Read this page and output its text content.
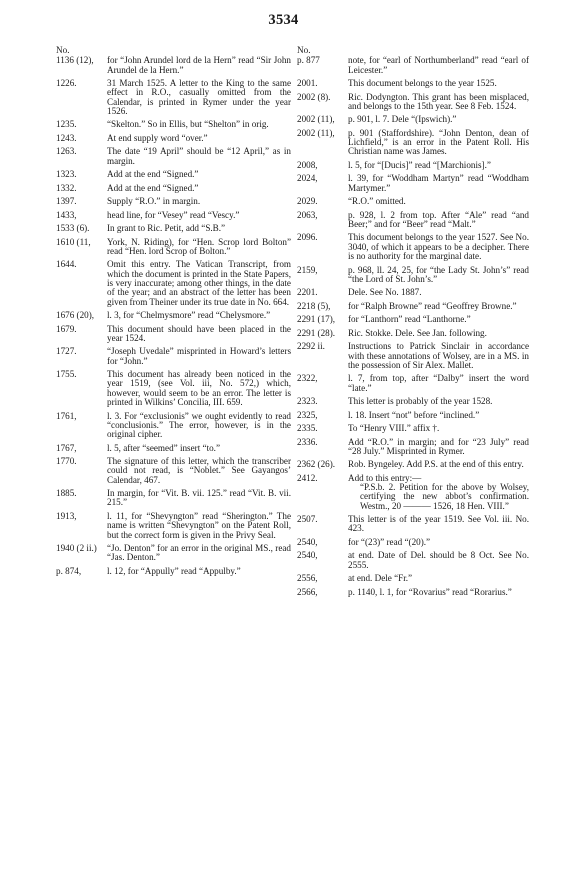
3534
No.
1136 (12), for “John Arundel lord de la Hern” read “Sir John Arundel de la Hern.”
1226.	31 March 1525. A letter to the King to the same effect in R.O., casually omitted from the Calendar, is printed in Rymer under the year 1526.
1235.	“Skelton.” So in Ellis, but “Shelton” in orig.
1243.	At end supply word “over.”
1263.	The date “19 April” should be “12 April,” as in margin.
1323.	Add at the end “Signed.”
1332.	Add at the end “Signed.”
1397.	Supply “R.O.” in margin.
1433,	head line, for “Vesey” read “Vescy.”
1533 (6). In grant to Ric. Petit, add “S.B.”
1610 (11, York, N. Riding), for “Hen. Scrop lord Bolton” read “Hen. lord Scrop of Bolton.”
1644.	Omit this entry. The Vatican Transcript, from which the document is printed in the State Papers, is very inaccurate; among other things, in the date of the year; and an abstract of the letter has been given from Theiner under its true date in No. 664.
1676 (20), l. 3, for “Chelmysmore” read “Chelysmore.”
1679.	This document should have been placed in the year 1524.
1727.	“Joseph Uvedale” misprinted in Howard’s letters for “John.”
1755.	This document has already been noticed in the year 1519, (see Vol. iii, No. 572,) which, however, would seem to be an error. The letter is printed in Wilkins’ Concilia, III. 659.
1761,	l. 3. For “exclusionis” we ought evidently to read “conclusionis.” The error, however, is in the original cipher.
1767,	l. 5, after “seemed” insert “to.”
1770.	The signature of this letter, which the transcriber could not read, is “Noblet.” See Gayangos’ Calendar, 467.
1885.	In margin, for “Vit. B. vii. 125.” read “Vit. B. vii. 215.”
1913,	l. 11, for “Shevyngton” read “Sherington.” The name is written “Shevyngton” on the Patent Roll, but the correct form is given in the Privy Seal.
1940 (2 ii.) “Jo. Denton” for an error in the original MS., read “Jas. Denton.”
p. 874,	l. 12, for “Appully” read “Appulby.”
No.
p. 877	note, for “earl of Northumberland” read “earl of Leicester.”
2001.	This document belongs to the year 1525.
2002 (8). Ric. Dodyngton. This grant has been misplaced, and belongs to the 15th year. See 8 Feb. 1524.
2002 (11), p. 901, l. 7. Dele “(Ipswich).”
2002 (11), p. 901 (Staffordshire). “John Denton, dean of Lichfield,” is an error in the Patent Roll. His Christian name was James.
2008,	l. 5, for “[Ducis]” read “[Marchionis].”
2024,	l. 39, for “Woddham Martyn” read “Woddham Martymer.”
2029.	“R.O.” omitted.
2063,	p. 928, l. 2 from top. After “Ale” read “and Beer;” and for “Beer” read “Malt.”
2096.	This document belongs to the year 1527. See No. 3040, of which it appears to be a decipher. There is no authority for the marginal date.
2159,	p. 968, ll. 24, 25, for “the Lady St. John’s” read “the Lord of St. John’s.”
2201.	Dele. See No. 1887.
2218 (5), for “Ralph Browne” read “Geoffrey Browne.”
2291 (17), for “Lanthorn” read “Lanthorne.”
2291 (28). Ric. Stokke. Dele. See Jan. following.
2292 ii.	Instructions to Patrick Sinclair in accordance with these annotations of Wolsey, are in a MS. in the possession of Sir Alex. Mallet.
2322,	l. 7, from top, after “Dalby” insert the word “late.”
2323.	This letter is probably of the year 1528.
2325,	l. 18. Insert “not” before “inclined.”
2335.	To “Henry VIII.” affix †.
2336.	Add “R.O.” in margin; and for “23 July” read “28 July.” Misprinted in Rymer.
2362 (26). Rob. Byngeley. Add P.S. at the end of this entry.
2412.	Add to this entry:—
“P.S.b. 2. Petition for the above by Wolsey, certifying the new abbot’s confirmation. Westm., 20 ——— 1526, 18 Hen. VIII.”
2507.	This letter is of the year 1519. See Vol. iii. No. 423.
2540,	for “(23)” read “(20).”
2540,	at end. Date of Del. should be 8 Oct. See No. 2555.
2556,	at end. Dele “Fr.”
2566,	p. 1140, l. 1, for “Rovarius” read “Rorarius.”
